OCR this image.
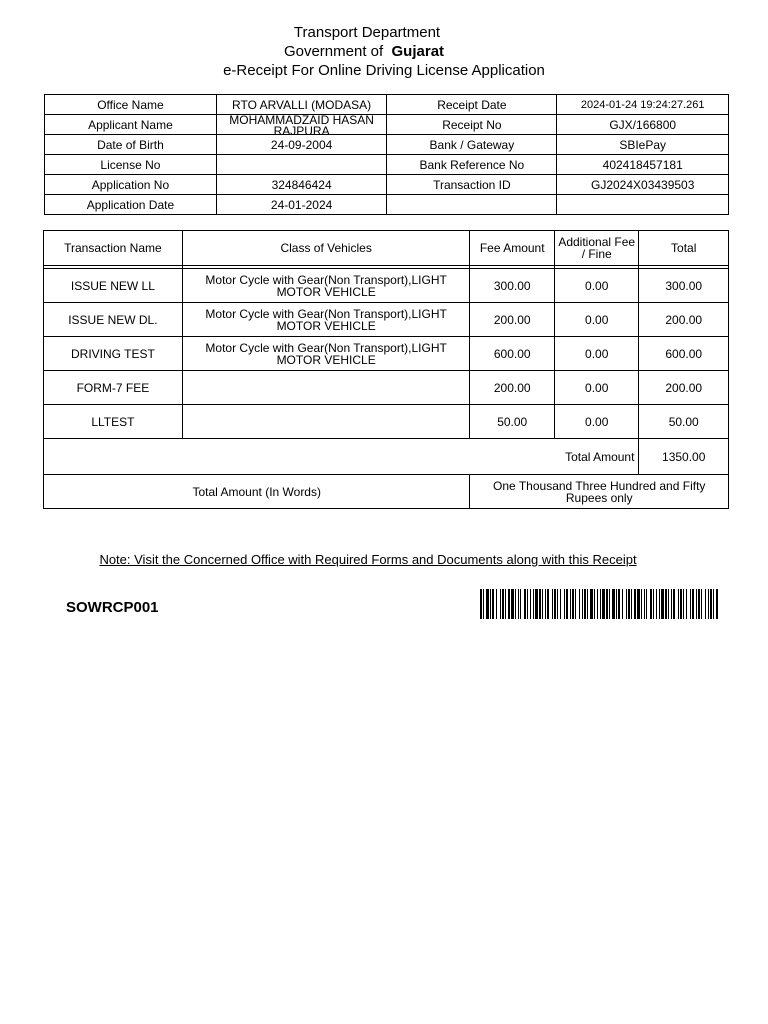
Transport Department
Government of Gujarat
e-Receipt For Online Driving License Application
Office Name	RTO ARVALLI (MODASA)	Receipt Date	2024-01-24 19:24:27.261
Applicant Name	MOHAMMADZAID HASAN RAJPURA	Receipt No	GJX/166800
Date of Birth	24-09-2004	Bank / Gateway	SBIePay
License No		Bank Reference No	402418457181
Application No	324846424	Transaction ID	GJ2024X03439503
Application Date	24-01-2024		
Transaction Name	Class of Vehicles	Fee Amount	Additional Fee / Fine	Total

ISSUE NEW LL	Motor Cycle with Gear(Non Transport),LIGHT MOTOR VEHICLE	300.00	0.00	300.00
ISSUE NEW DL.	Motor Cycle with Gear(Non Transport),LIGHT MOTOR VEHICLE	200.00	0.00	200.00
DRIVING TEST	Motor Cycle with Gear(Non Transport),LIGHT MOTOR VEHICLE	600.00	0.00	600.00
FORM-7 FEE		200.00	0.00	200.00
LLTEST		50.00	0.00	50.00
Total Amount				1350.00
Total Amount (In Words)		One Thousand Three Hundred and Fifty Rupees only		
Note: Visit the Concerned Office with Required Forms and Documents along with this Receipt
SOWRCP001
